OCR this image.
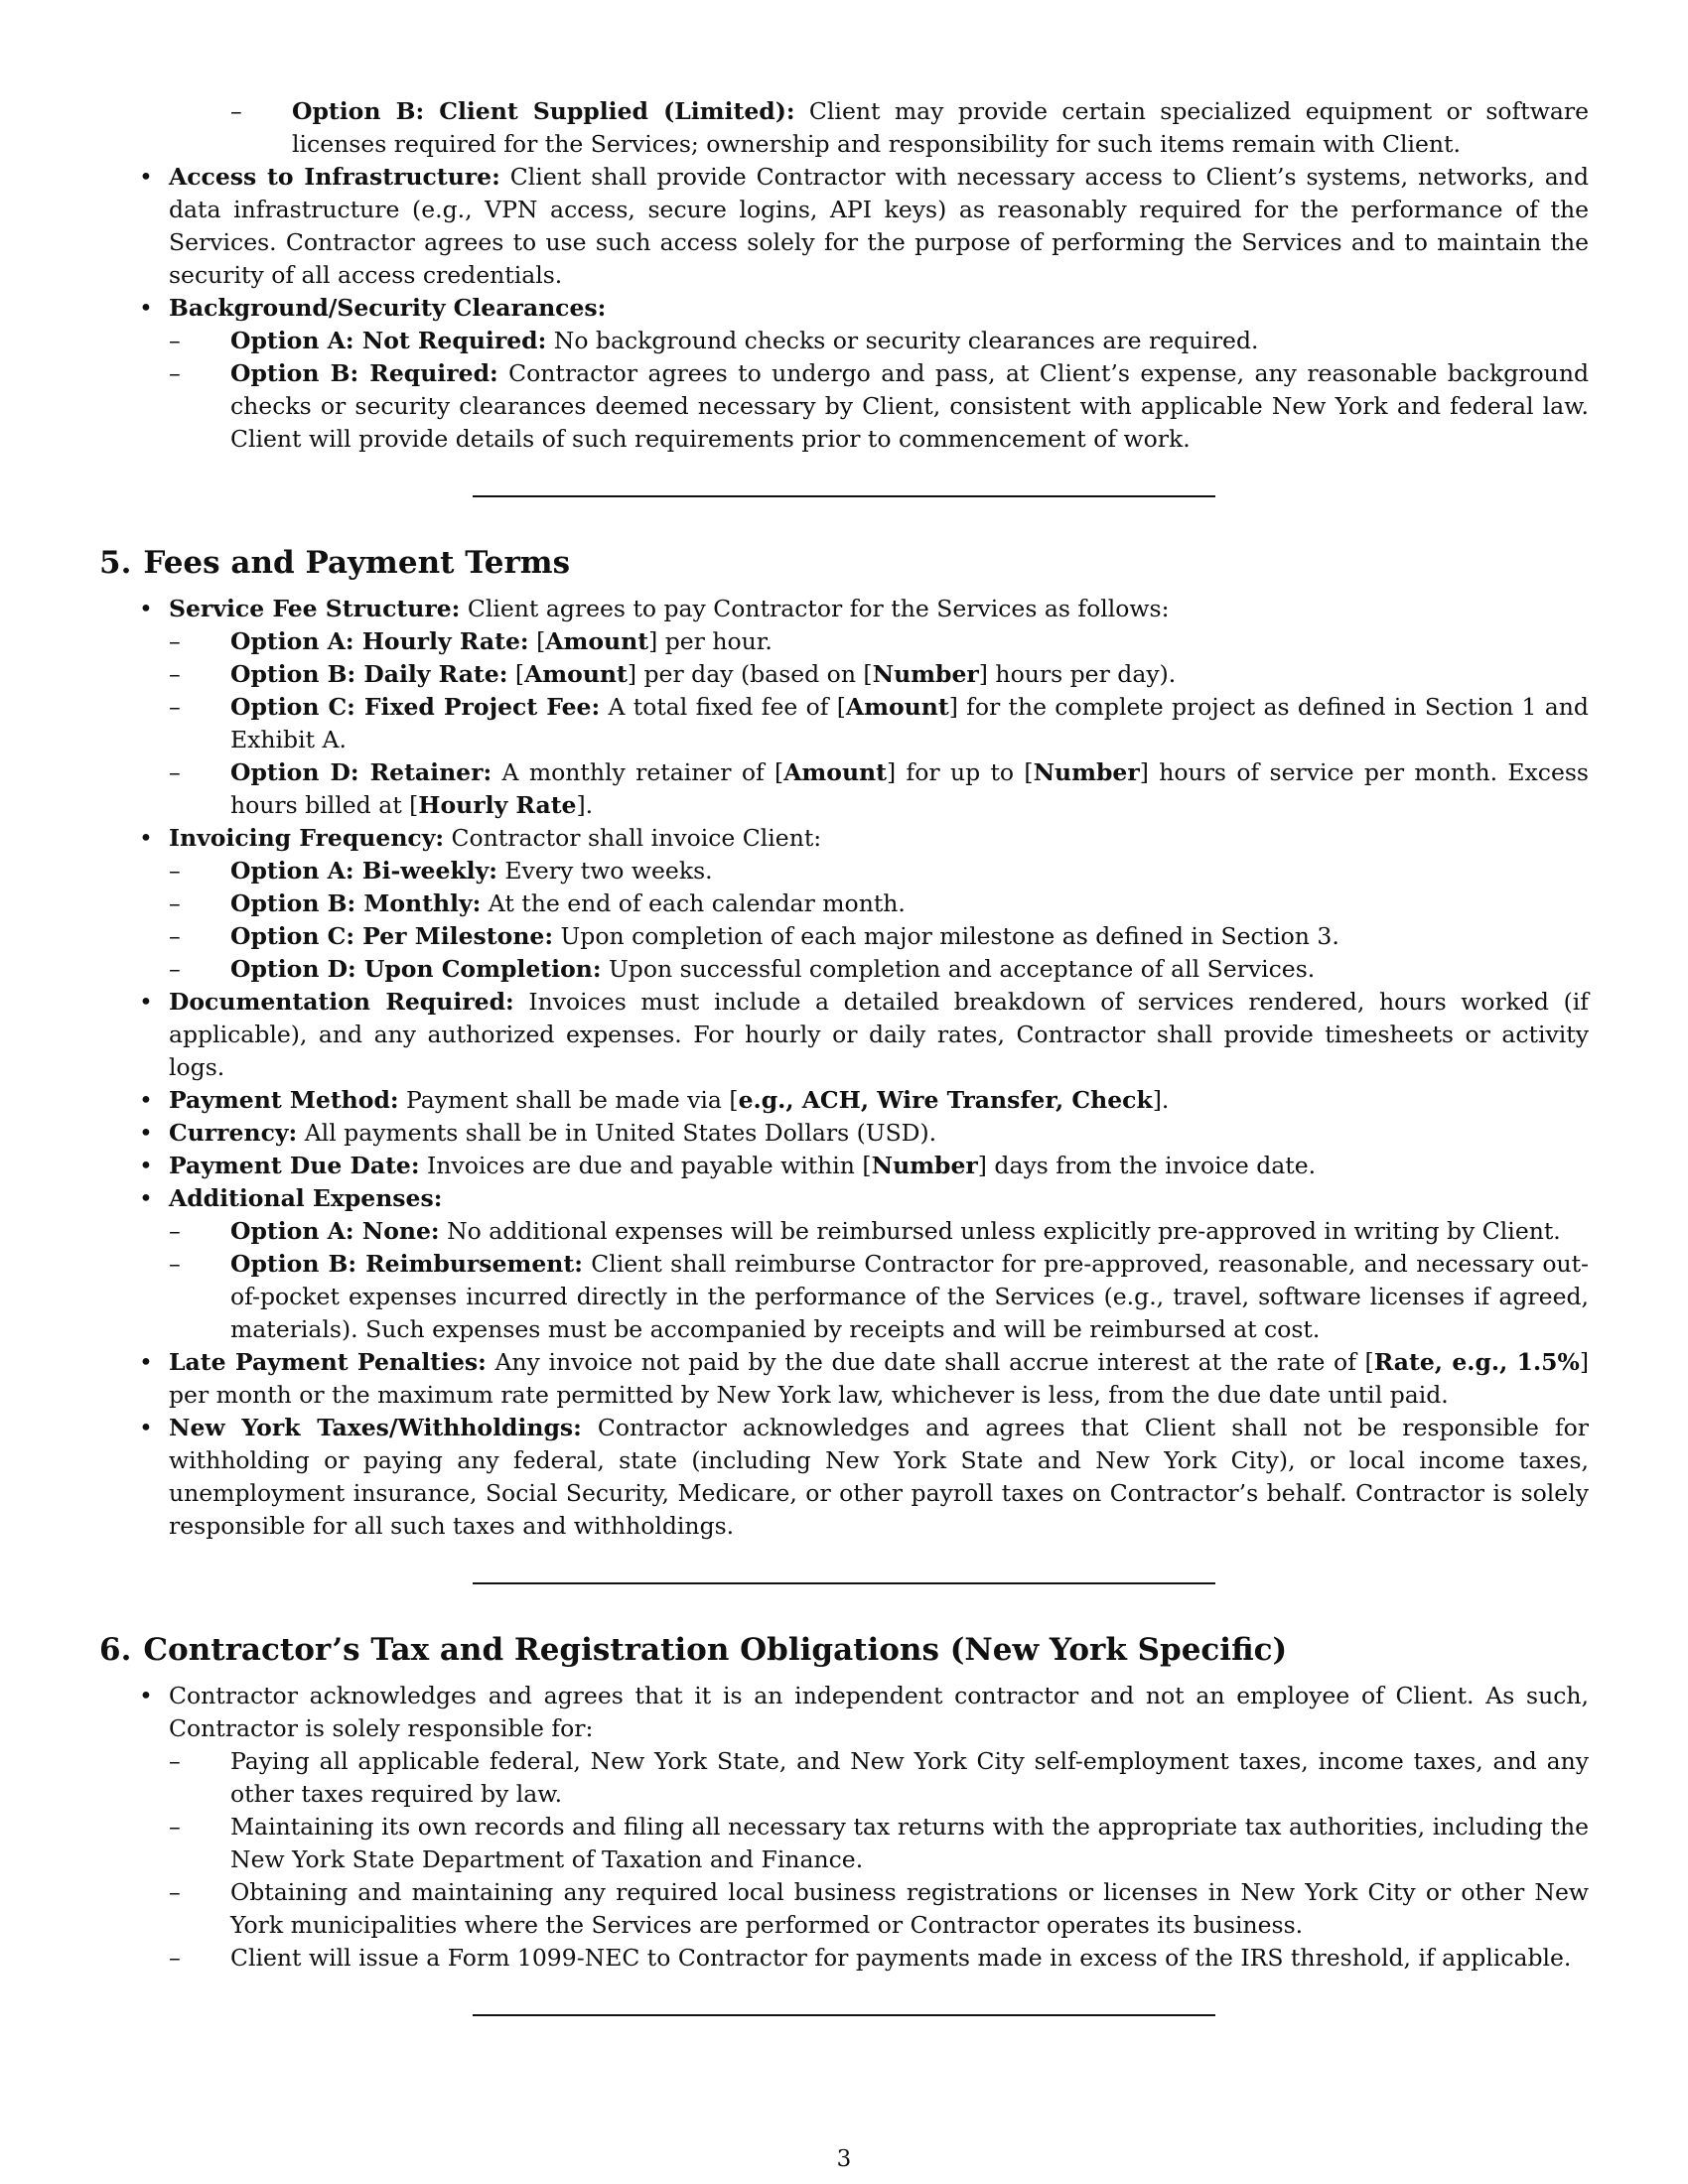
– Option B: Client Supplied (Limited): Client may provide certain specialized equipment or software licenses required for the Services; ownership and responsibility for such items remain with Client.
• Access to Infrastructure: Client shall provide Contractor with necessary access to Client’s systems, networks, and data infrastructure (e.g., VPN access, secure logins, API keys) as reasonably required for the performance of the Services. Contractor agrees to use such access solely for the purpose of performing the Services and to maintain the security of all access credentials.
• Background/Security Clearances:
– Option A: Not Required: No background checks or security clearances are required.
– Option B: Required: Contractor agrees to undergo and pass, at Client’s expense, any reasonable background checks or security clearances deemed necessary by Client, consistent with applicable New York and federal law. Client will provide details of such requirements prior to commencement of work.
5. Fees and Payment Terms
• Service Fee Structure: Client agrees to pay Contractor for the Services as follows:
– Option A: Hourly Rate: [Amount] per hour.
– Option B: Daily Rate: [Amount] per day (based on [Number] hours per day).
– Option C: Fixed Project Fee: A total fixed fee of [Amount] for the complete project as defined in Section 1 and Exhibit A.
– Option D: Retainer: A monthly retainer of [Amount] for up to [Number] hours of service per month. Excess hours billed at [Hourly Rate].
• Invoicing Frequency: Contractor shall invoice Client:
– Option A: Bi-weekly: Every two weeks.
– Option B: Monthly: At the end of each calendar month.
– Option C: Per Milestone: Upon completion of each major milestone as defined in Section 3.
– Option D: Upon Completion: Upon successful completion and acceptance of all Services.
• Documentation Required: Invoices must include a detailed breakdown of services rendered, hours worked (if applicable), and any authorized expenses. For hourly or daily rates, Contractor shall provide timesheets or activity logs.
• Payment Method: Payment shall be made via [e.g., ACH, Wire Transfer, Check].
• Currency: All payments shall be in United States Dollars (USD).
• Payment Due Date: Invoices are due and payable within [Number] days from the invoice date.
• Additional Expenses:
– Option A: None: No additional expenses will be reimbursed unless explicitly pre-approved in writing by Client.
– Option B: Reimbursement: Client shall reimburse Contractor for pre-approved, reasonable, and necessary out-of-pocket expenses incurred directly in the performance of the Services (e.g., travel, software licenses if agreed, materials). Such expenses must be accompanied by receipts and will be reimbursed at cost.
• Late Payment Penalties: Any invoice not paid by the due date shall accrue interest at the rate of [Rate, e.g., 1.5%] per month or the maximum rate permitted by New York law, whichever is less, from the due date until paid.
• New York Taxes/Withholdings: Contractor acknowledges and agrees that Client shall not be responsible for withholding or paying any federal, state (including New York State and New York City), or local income taxes, unemployment insurance, Social Security, Medicare, or other payroll taxes on Contractor’s behalf. Contractor is solely responsible for all such taxes and withholdings.
6. Contractor’s Tax and Registration Obligations (New York Specific)
• Contractor acknowledges and agrees that it is an independent contractor and not an employee of Client. As such, Contractor is solely responsible for:
– Paying all applicable federal, New York State, and New York City self-employment taxes, income taxes, and any other taxes required by law.
– Maintaining its own records and filing all necessary tax returns with the appropriate tax authorities, including the New York State Department of Taxation and Finance.
– Obtaining and maintaining any required local business registrations or licenses in New York City or other New York municipalities where the Services are performed or Contractor operates its business.
– Client will issue a Form 1099-NEC to Contractor for payments made in excess of the IRS threshold, if applicable.
3
